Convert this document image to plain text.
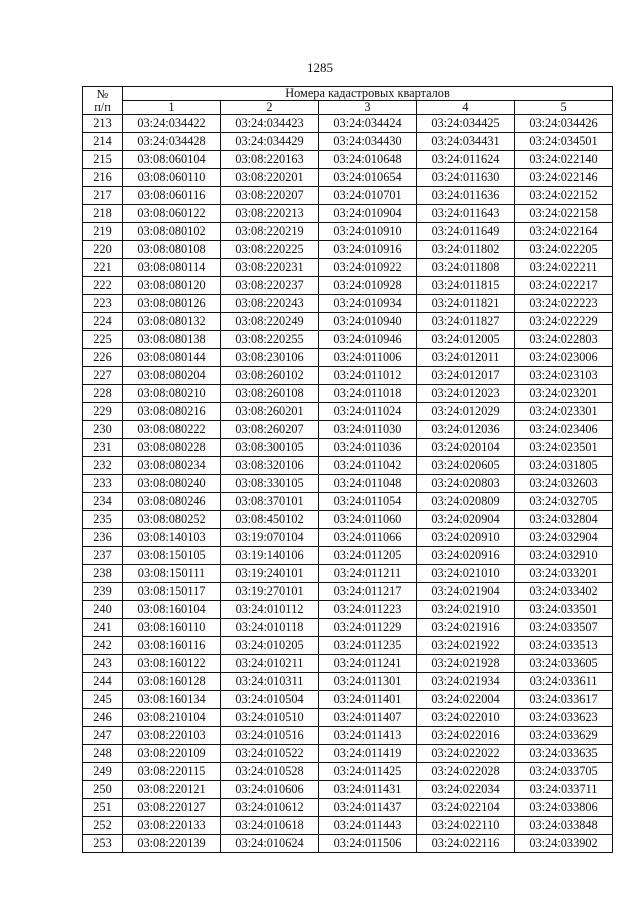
1285
№
п/п	Номера кадастровых кварталов				
	1	2	3	4	5
213	03:24:034422	03:24:034423	03:24:034424	03:24:034425	03:24:034426
214	03:24:034428	03:24:034429	03:24:034430	03:24:034431	03:24:034501
215	03:08:060104	03:08:220163	03:24:010648	03:24:011624	03:24:022140
216	03:08:060110	03:08:220201	03:24:010654	03:24:011630	03:24:022146
217	03:08:060116	03:08:220207	03:24:010701	03:24:011636	03:24:022152
218	03:08:060122	03:08:220213	03:24:010904	03:24:011643	03:24:022158
219	03:08:080102	03:08:220219	03:24:010910	03:24:011649	03:24:022164
220	03:08:080108	03:08:220225	03:24:010916	03:24:011802	03:24:022205
221	03:08:080114	03:08:220231	03:24:010922	03:24:011808	03:24:022211
222	03:08:080120	03:08:220237	03:24:010928	03:24:011815	03:24:022217
223	03:08:080126	03:08:220243	03:24:010934	03:24:011821	03:24:022223
224	03:08:080132	03:08:220249	03:24:010940	03:24:011827	03:24:022229
225	03:08:080138	03:08:220255	03:24:010946	03:24:012005	03:24:022803
226	03:08:080144	03:08:230106	03:24:011006	03:24:012011	03:24:023006
227	03:08:080204	03:08:260102	03:24:011012	03:24:012017	03:24:023103
228	03:08:080210	03:08:260108	03:24:011018	03:24:012023	03:24:023201
229	03:08:080216	03:08:260201	03:24:011024	03:24:012029	03:24:023301
230	03:08:080222	03:08:260207	03:24:011030	03:24:012036	03:24:023406
231	03:08:080228	03:08:300105	03:24:011036	03:24:020104	03:24:023501
232	03:08:080234	03:08:320106	03:24:011042	03:24:020605	03:24:031805
233	03:08:080240	03:08:330105	03:24:011048	03:24:020803	03:24:032603
234	03:08:080246	03:08:370101	03:24:011054	03:24:020809	03:24:032705
235	03:08:080252	03:08:450102	03:24:011060	03:24:020904	03:24:032804
236	03:08:140103	03:19:070104	03:24:011066	03:24:020910	03:24:032904
237	03:08:150105	03:19:140106	03:24:011205	03:24:020916	03:24:032910
238	03:08:150111	03:19:240101	03:24:011211	03:24:021010	03:24:033201
239	03:08:150117	03:19:270101	03:24:011217	03:24:021904	03:24:033402
240	03:08:160104	03:24:010112	03:24:011223	03:24:021910	03:24:033501
241	03:08:160110	03:24:010118	03:24:011229	03:24:021916	03:24:033507
242	03:08:160116	03:24:010205	03:24:011235	03:24:021922	03:24:033513
243	03:08:160122	03:24:010211	03:24:011241	03:24:021928	03:24:033605
244	03:08:160128	03:24:010311	03:24:011301	03:24:021934	03:24:033611
245	03:08:160134	03:24:010504	03:24:011401	03:24:022004	03:24:033617
246	03:08:210104	03:24:010510	03:24:011407	03:24:022010	03:24:033623
247	03:08:220103	03:24:010516	03:24:011413	03:24:022016	03:24:033629
248	03:08:220109	03:24:010522	03:24:011419	03:24:022022	03:24:033635
249	03:08:220115	03:24:010528	03:24:011425	03:24:022028	03:24:033705
250	03:08:220121	03:24:010606	03:24:011431	03:24:022034	03:24:033711
251	03:08:220127	03:24:010612	03:24:011437	03:24:022104	03:24:033806
252	03:08:220133	03:24:010618	03:24:011443	03:24:022110	03:24:033848
253	03:08:220139	03:24:010624	03:24:011506	03:24:022116	03:24:033902
